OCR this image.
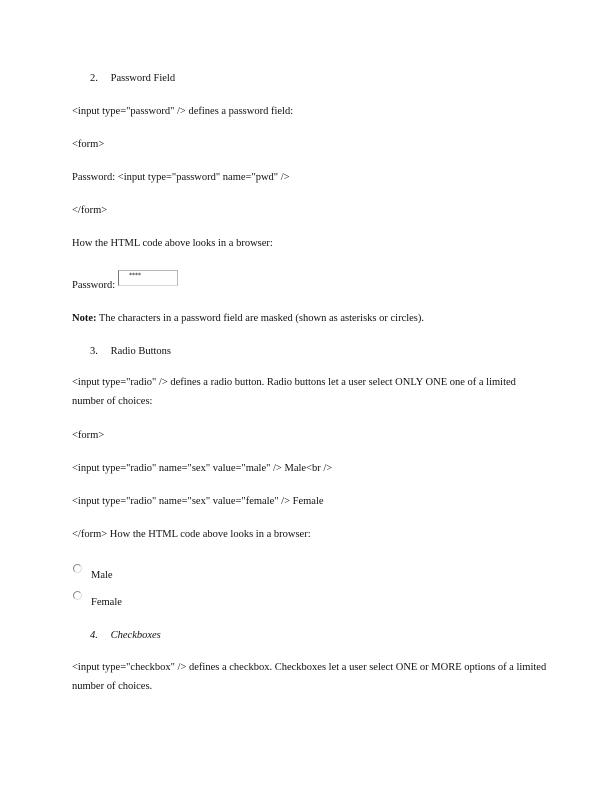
2. Password Field
<input type="password" /> defines a password field:
<form>
Password: <input type="password" name="pwd" />
</form>
How the HTML code above looks in a browser:
Password:
****
Note: The characters in a password field are masked (shown as asterisks or circles).
3. Radio Buttons
<input type="radio" /> defines a radio button. Radio buttons let a user select ONLY ONE one of a limited number of choices:
<form>
<input type="radio" name="sex" value="male" /> Male<br />
<input type="radio" name="sex" value="female" /> Female
</form> How the HTML code above looks in a browser:
Male
Female
4. Checkboxes
<input type="checkbox" /> defines a checkbox. Checkboxes let a user select ONE or MORE options of a limited number of choices.
